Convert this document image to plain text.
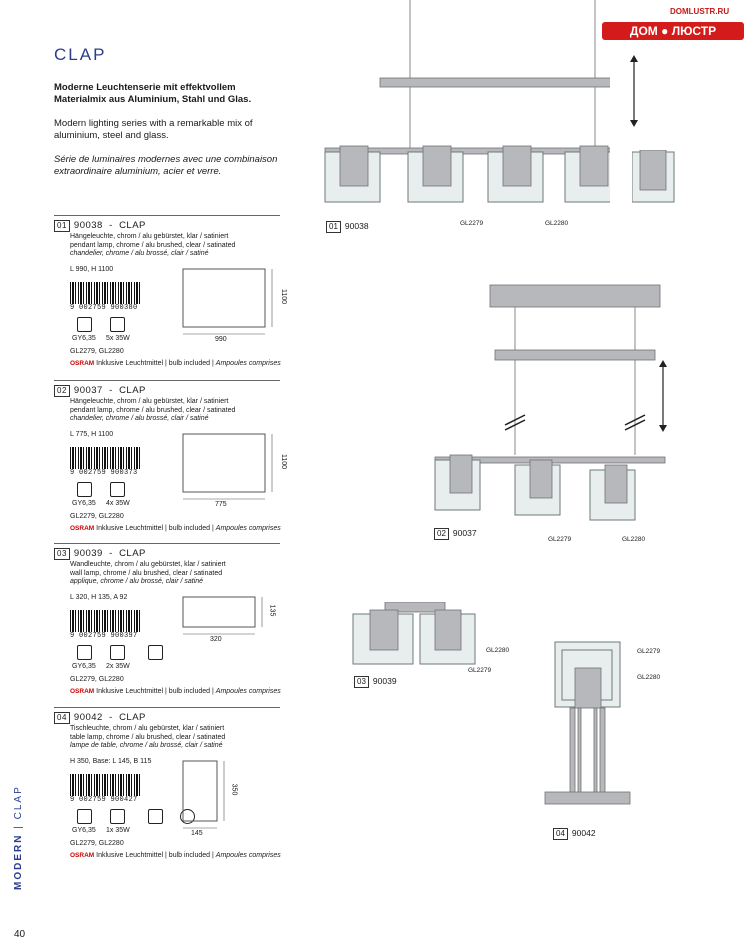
DOMLUSTR.RU
ДОМ ● ЛЮСТР
CLAP
Moderne Leuchtenserie mit effektvollem Materialmix aus Aluminium, Stahl und Glas.
Modern lighting series with a remarkable mix of aluminium, steel and glass.
Série de luminaires modernes avec une combinaison extraordinaire aluminium, acier et verre.
01 90038  -  CLAP
Hängeleuchte, chrom / alu gebürstet, klar / satiniert
pendant lamp, chrome / alu brushed, clear / satinated
chandelier, chrome / alu brossé, clair / satiné
L 990, H 1100
9 002759 900380
GY6,35 5x 35W
GL2279, GL2280
OSRAM Inklusive Leuchtmittel | bulb included | Ampoules comprises
990
1100
02 90037  -  CLAP
Hängeleuchte, chrom / alu gebürstet, klar / satiniert
pendant lamp, chrome / alu brushed, clear / satinated
chandelier, chrome / alu brossé, clair / satiné
L 775, H 1100
9 002759 900373
GY6,35 4x 35W
GL2279, GL2280
OSRAM Inklusive Leuchtmittel | bulb included | Ampoules comprises
775
1100
03 90039  -  CLAP
Wandleuchte, chrom / alu gebürstet, klar / satiniert
wall lamp, chrome / alu brushed, clear / satinated
applique, chrome / alu brossé, clair / satiné
L 320, H 135, A 92
9 002759 900397
GY6,35 2x 35W
GL2279, GL2280
OSRAM Inklusive Leuchtmittel | bulb included | Ampoules comprises
320
135
04 90042  -  CLAP
Tischleuchte, chrom / alu gebürstet, klar / satiniert
table lamp, chrome / alu brushed, clear / satinated
lampe de table, chrome / alu brossé, clair / satiné
H 350, Base: L 145, B 115
9 002759 900427
GY6,35 1x 35W
GL2279, GL2280
OSRAM Inklusive Leuchtmittel | bulb included | Ampoules comprises
145
350
MODERN | CLAP
40
01 90038	GL2279	GL2280
02 90037
GL2279	GL2280
03 90039
GL2280
GL2279
04 90042
GL2279
GL2280
